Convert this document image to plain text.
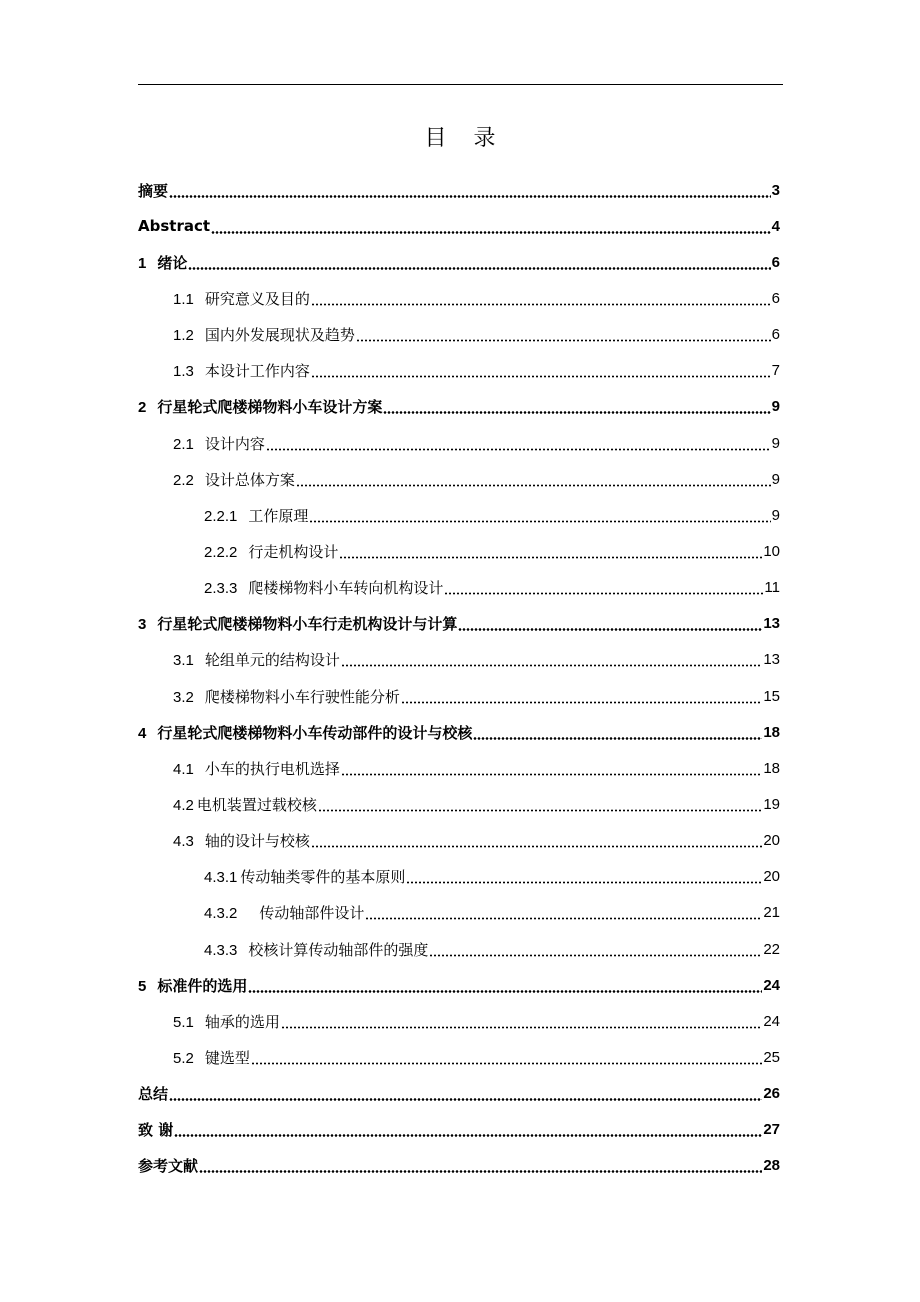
目 录
摘要	3
Abstract	4
1 绪论	6
1.1 研究意义及目的	6
1.2 国内外发展现状及趋势	6
1.3 本设计工作内容	7
2 行星轮式爬楼梯物料小车设计方案	9
2.1 设计内容	9
2.2 设计总体方案	9
2.2.1 工作原理	9
2.2.2 行走机构设计	10
2.3.3 爬楼梯物料小车转向机构设计	11
3 行星轮式爬楼梯物料小车行走机构设计与计算	13
3.1 轮组单元的结构设计	13
3.2 爬楼梯物料小车行驶性能分析	15
4 行星轮式爬楼梯物料小车传动部件的设计与校核	18
4.1 小车的执行电机选择	18
4.2 电机装置过载校核	19
4.3 轴的设计与校核	20
4.3.1 传动轴类零件的基本原则	20
4.3.2 传动轴部件设计	21
4.3.3 校核计算传动轴部件的强度	22
5 标准件的选用	24
5.1 轴承的选用	24
5.2 键选型	25
总结	26
致 谢	27
参考文献	28
